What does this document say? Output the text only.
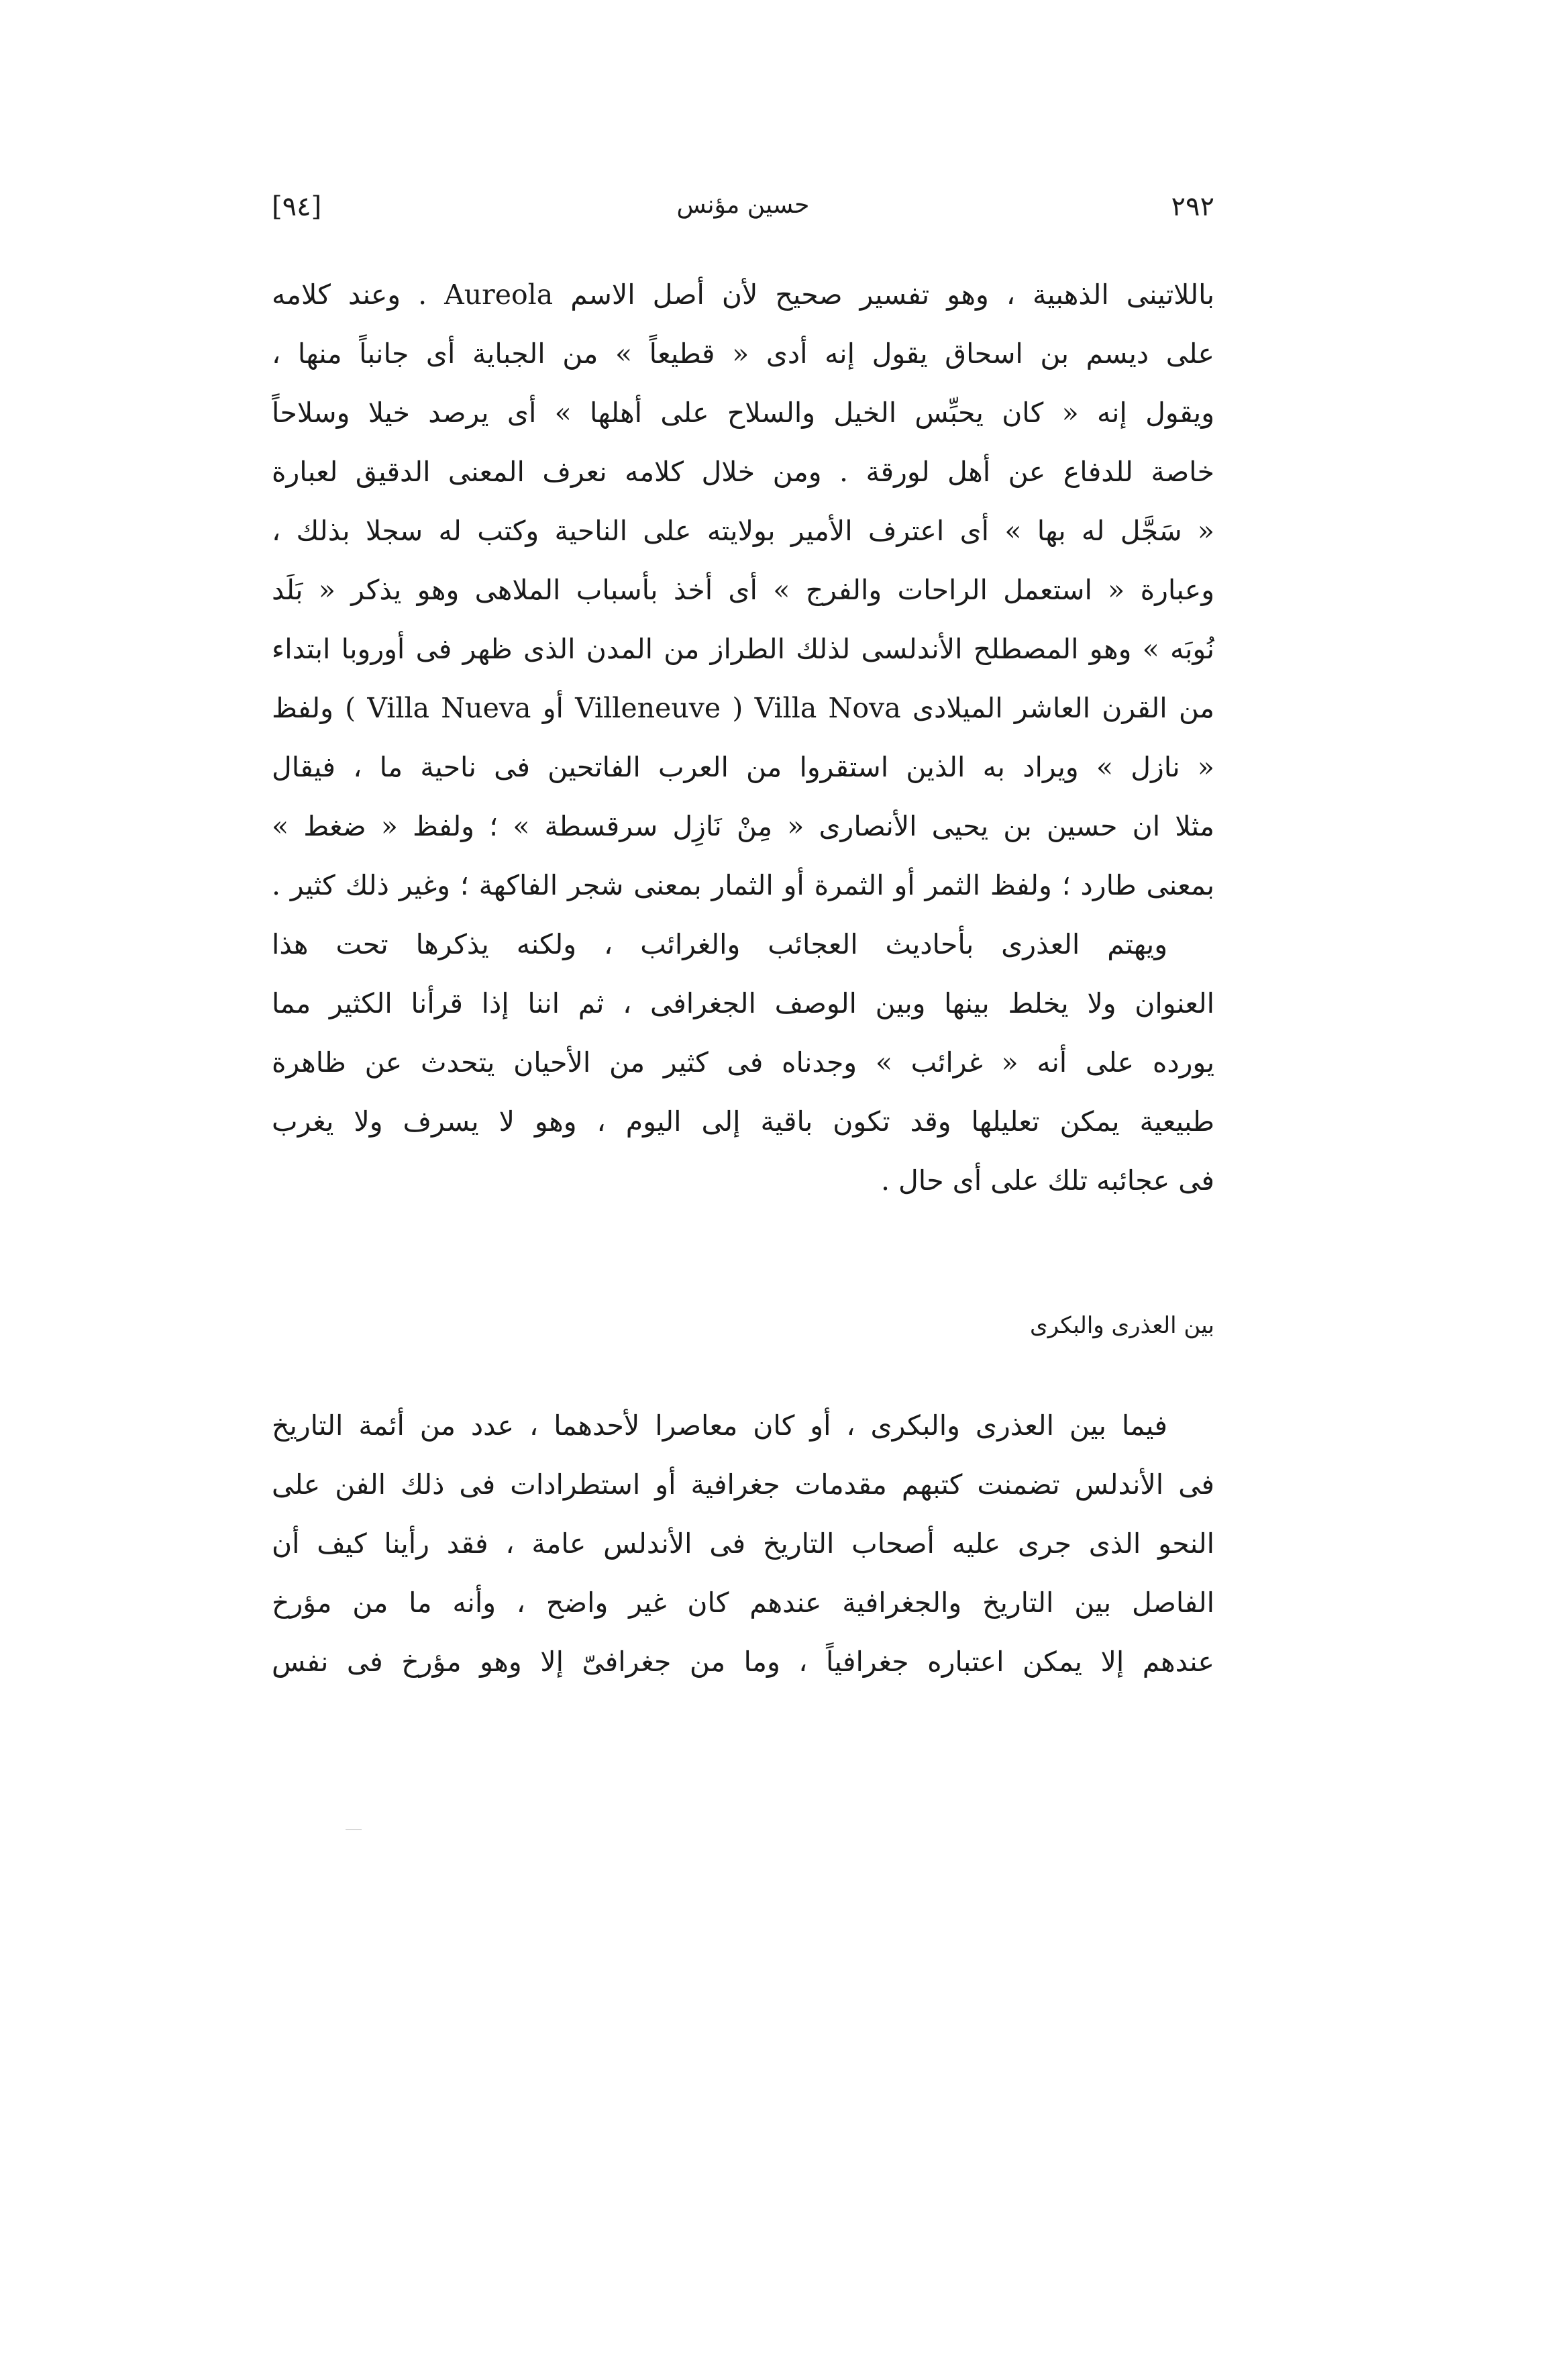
[٩٤]	حسين مؤنس	٢٩٢
باللاتينى الذهبية ، وهو تفسير صحيح لأن أصل الاسم Aureola . وعند كلامه
على ديسم بن اسحاق يقول إنه أدى « قطيعاً » من الجباية أى جانباً منها ،
ويقول إنه « كان يحبِّس الخيل والسلاح على أهلها » أى يرصد خيلا وسلاحاً
خاصة للدفاع عن أهل لورقة . ومن خلال كلامه نعرف المعنى الدقيق لعبارة
« سَجَّل له بها » أى اعترف الأمير بولايته على الناحية وكتب له سجلا بذلك ،
وعبارة « استعمل الراحات والفرج » أى أخذ بأسباب الملاهى وهو يذكر « بَلَد
نُوبَه » وهو المصطلح الأندلسى لذلك الطراز من المدن الذى ظهر فى أوروبا ابتداء
من القرن العاشر الميلادى Villa Nova ( Villeneuve أو Villa Nueva ) ولفظ
« نازل » ويراد به الذين استقروا من العرب الفاتحين فى ناحية ما ، فيقال
مثلا ان حسين بن يحيى الأنصارى « مِنْ نَازِل سرقسطة » ؛ ولفظ « ضغط »
بمعنى طارد ؛ ولفظ الثمر أو الثمرة أو الثمار بمعنى شجر الفاكهة ؛ وغير ذلك كثير .
ويهتم العذرى بأحاديث العجائب والغرائب ، ولكنه يذكرها تحت هذا
العنوان ولا يخلط بينها وبين الوصف الجغرافى ، ثم اننا إذا قرأنا الكثير مما
يورده على أنه « غرائب » وجدناه فى كثير من الأحيان يتحدث عن ظاهرة
طبيعية يمكن تعليلها وقد تكون باقية إلى اليوم ، وهو لا يسرف ولا يغرب
فى عجائبه تلك على أى حال .
بين العذرى والبكرى
فيما بين العذرى والبكرى ، أو كان معاصرا لأحدهما ، عدد من أئمة التاريخ
فى الأندلس تضمنت كتبهم مقدمات جغرافية أو استطرادات فى ذلك الفن على
النحو الذى جرى عليه أصحاب التاريخ فى الأندلس عامة ، فقد رأينا كيف أن
الفاصل بين التاريخ والجغرافية عندهم كان غير واضح ، وأنه ما من مؤرخ
عندهم إلا يمكن اعتباره جغرافياً ، وما من جغرافىّ إلا وهو مؤرخ فى نفس
